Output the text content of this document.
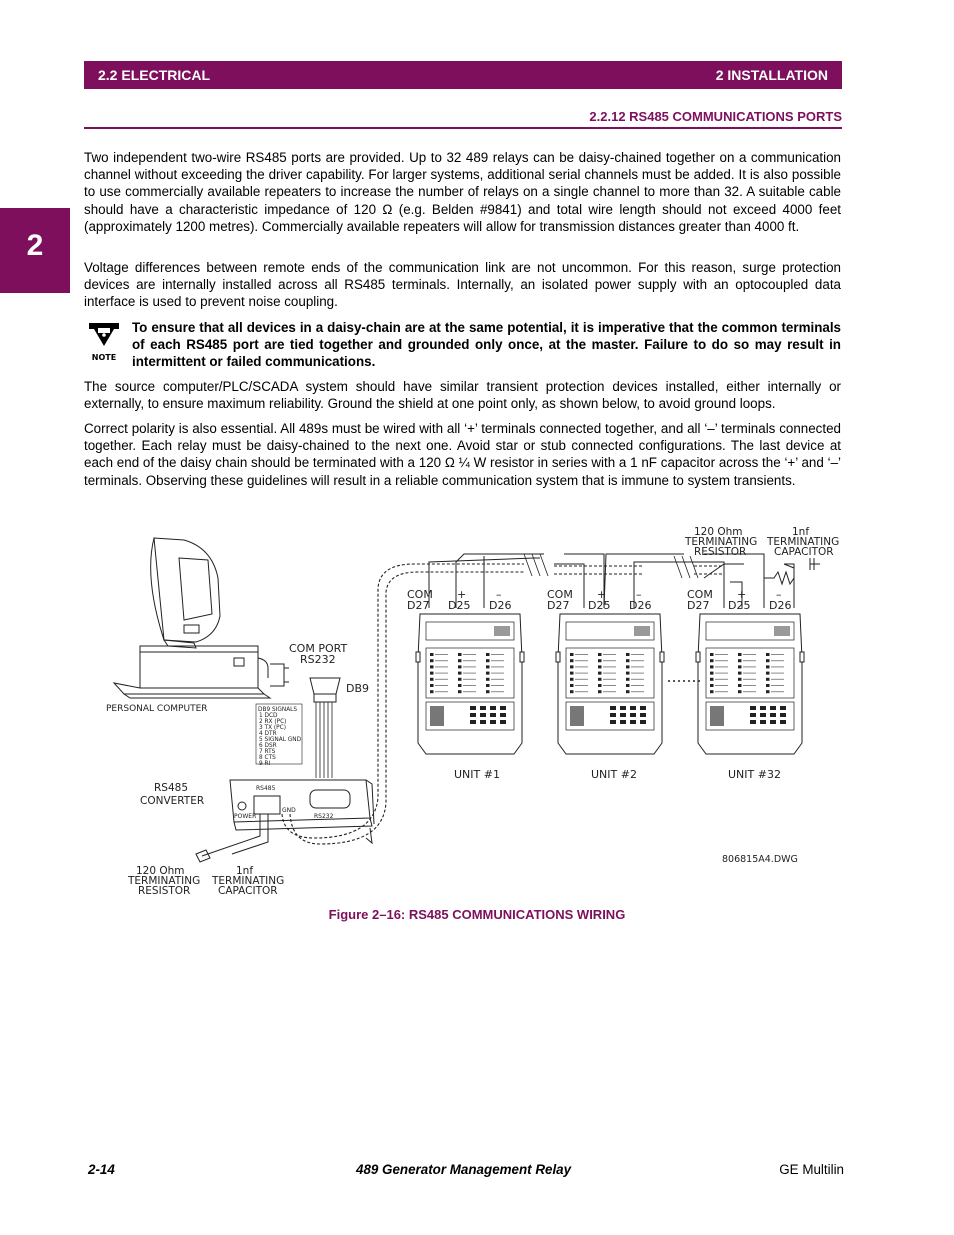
2.2 ELECTRICAL	2 INSTALLATION
2.2.12 RS485 COMMUNICATIONS PORTS
2
Two independent two-wire RS485 ports are provided. Up to 32 489 relays can be daisy-chained together on a communication channel without exceeding the driver capability. For larger systems, additional serial channels must be added. It is also possible to use commercially available repeaters to increase the number of relays on a single channel to more than 32. A suitable cable should have a characteristic impedance of 120 Ω (e.g. Belden #9841) and total wire length should not exceed 4000 feet (approximately 1200 metres). Commercially available repeaters will allow for transmission distances greater than 4000 ft.
Voltage differences between remote ends of the communication link are not uncommon. For this reason, surge protection devices are internally installed across all RS485 terminals. Internally, an isolated power supply with an optocoupled data interface is used to prevent noise coupling.
NOTE
To ensure that all devices in a daisy-chain are at the same potential, it is imperative that the common terminals of each RS485 port are tied together and grounded only once, at the master. Failure to do so may result in intermittent or failed communications.
The source computer/PLC/SCADA system should have similar transient protection devices installed, either internally or externally, to ensure maximum reliability. Ground the shield at one point only, as shown below, to avoid ground loops.
Correct polarity is also essential. All 489s must be wired with all ‘+’ terminals connected together, and all ‘–’ terminals connected together. Each relay must be daisy-chained to the next one. Avoid star or stub connected configurations. The last device at each end of the daisy chain should be terminated with a 120 Ω ¼ W resistor in series with a 1 nF capacitor across the ‘+’ and ‘–’ terminals. Observing these guidelines will result in a reliable communication system that is immune to system transients.
PERSONAL COMPUTER
COM PORT
RS232
DB9
DB9 SIGNALS
1 DCD
2 RX (PC)
3 TX (PC)
4 DTR
5 SIGNAL GND
6 DSR
7 RTS
8 CTS
9 RI
RS485
CONVERTER
RS485
POWER	RS232
GND
120 Ohm
TERMINATING
RESISTOR
1nf
TERMINATING
CAPACITOR
120 Ohm
TERMINATING
RESISTOR
1nf
TERMINATING
CAPACITOR
COM
D27
+
D25
–
D26
COM
D27
+
D25
–
D26
COM
D27
+
D25
–
D26
UNIT #1	UNIT #2	UNIT #32
806815A4.DWG
Figure 2–16: RS485 COMMUNICATIONS WIRING
2-14	489 Generator Management Relay	GE Multilin
